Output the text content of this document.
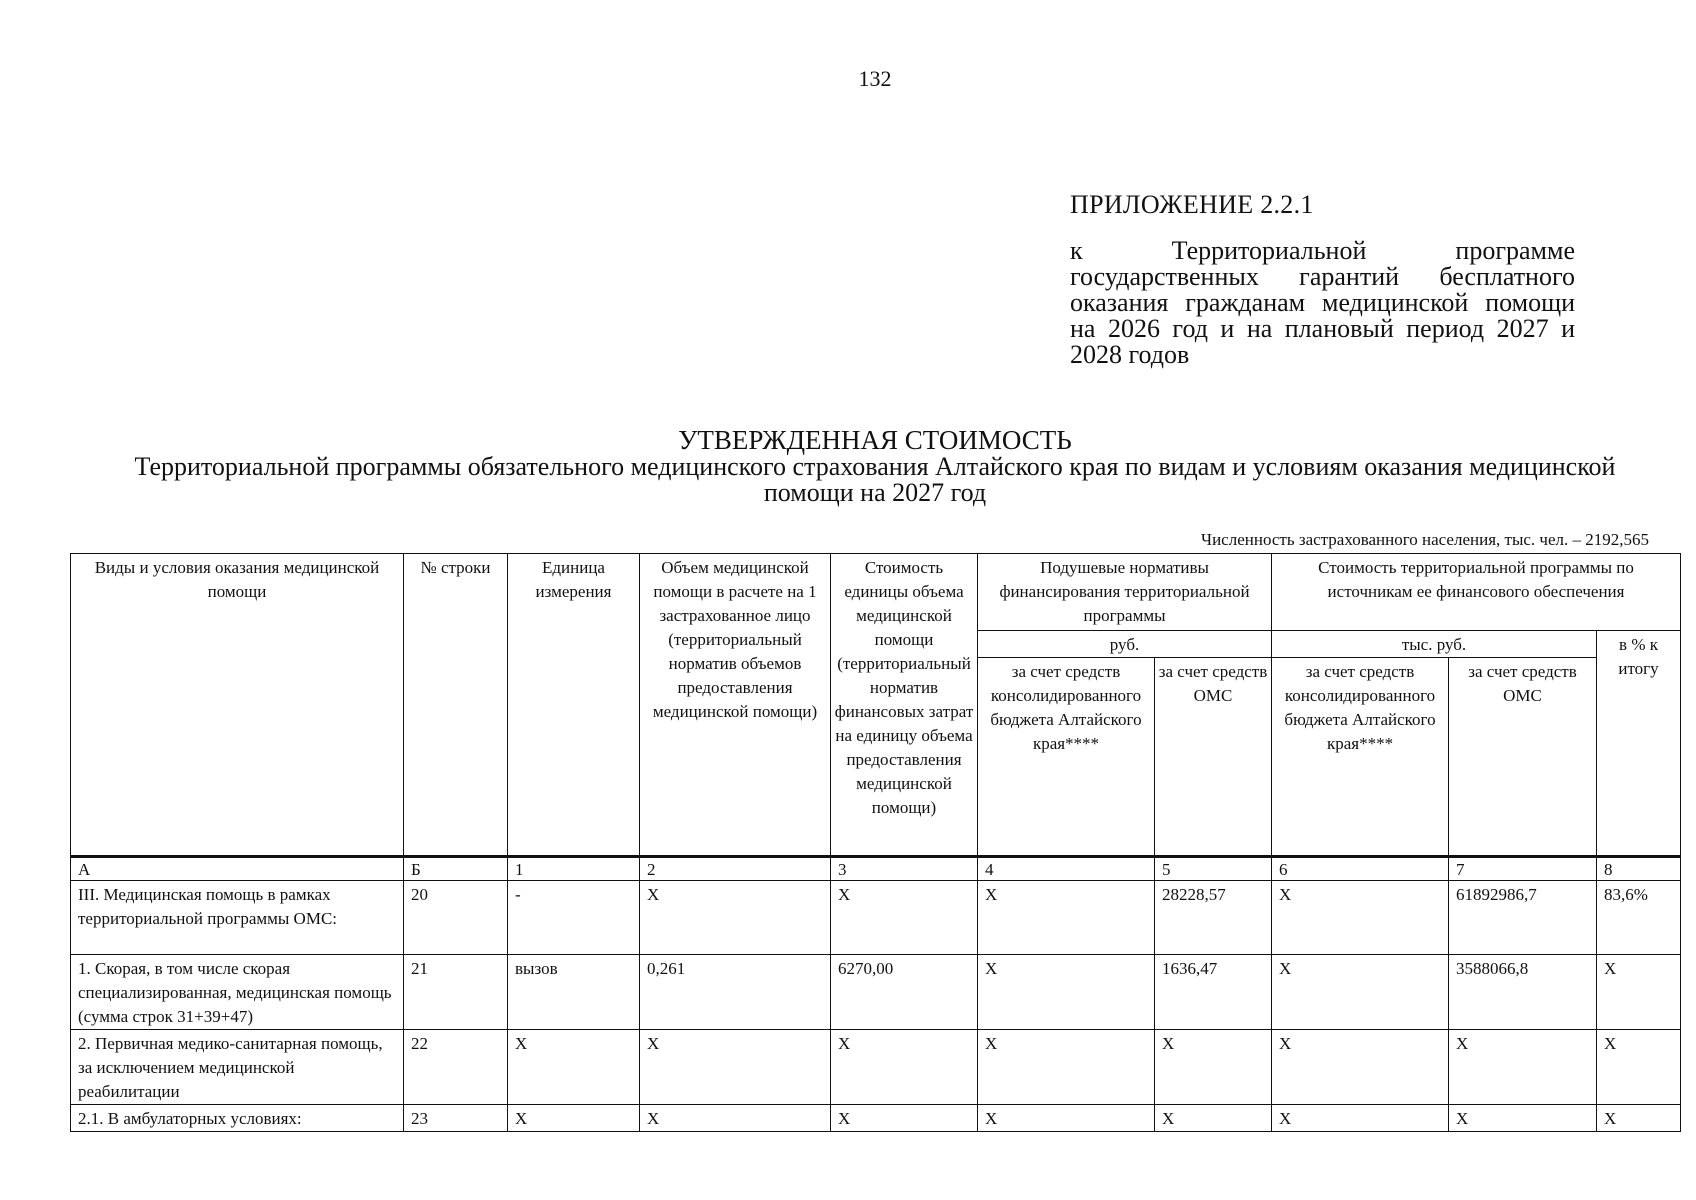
132
ПРИЛОЖЕНИЕ 2.2.1
к Территориальной программе государственных гарантий бесплатного оказания гражданам медицинской помощи на 2026 год и на плановый период 2027 и 2028 годов
УТВЕРЖДЕННАЯ СТОИМОСТЬ
Территориальной программы обязательного медицинского страхования Алтайского края по видам и условиям оказания медицинской помощи на 2027 год
Численность застрахованного населения, тыс. чел. – 2192,565
Виды и условия оказания медицинской помощи	№ строки	Единица измерения	Объем медицинской помощи в расчете на 1 застрахованное лицо (территориальный норматив объемов предоставления медицинской помощи)	Стоимость единицы объема медицинской помощи (территориальный норматив финансовых затрат на единицу объема предоставления медицинской помощи)	Подушевые нормативы финансирования территориальной программы		Стоимость территориальной программы по источникам ее финансового обеспечения		
					руб.		тыс. руб.		в % к итогу
					за счет средств консолидированного бюджета Алтайского края****	за счет средств ОМС	за счет средств консолидированного бюджета Алтайского края****	за счет средств ОМС	
А	Б	1	2	3	4	5	6	7	8
III. Медицинская помощь в рамках территориальной программы ОМС:	20	-	X	X	X	28228,57	X	61892986,7	83,6%
1. Скорая, в том числе скорая специализированная, медицинская помощь (сумма строк 31+39+47)	21	вызов	0,261	6270,00	X	1636,47	X	3588066,8	X
2. Первичная медико-санитарная помощь, за исключением медицинской реабилитации	22	X	X	X	X	X	X	X	X
2.1. В амбулаторных условиях:	23	X	X	X	X	X	X	X	X
